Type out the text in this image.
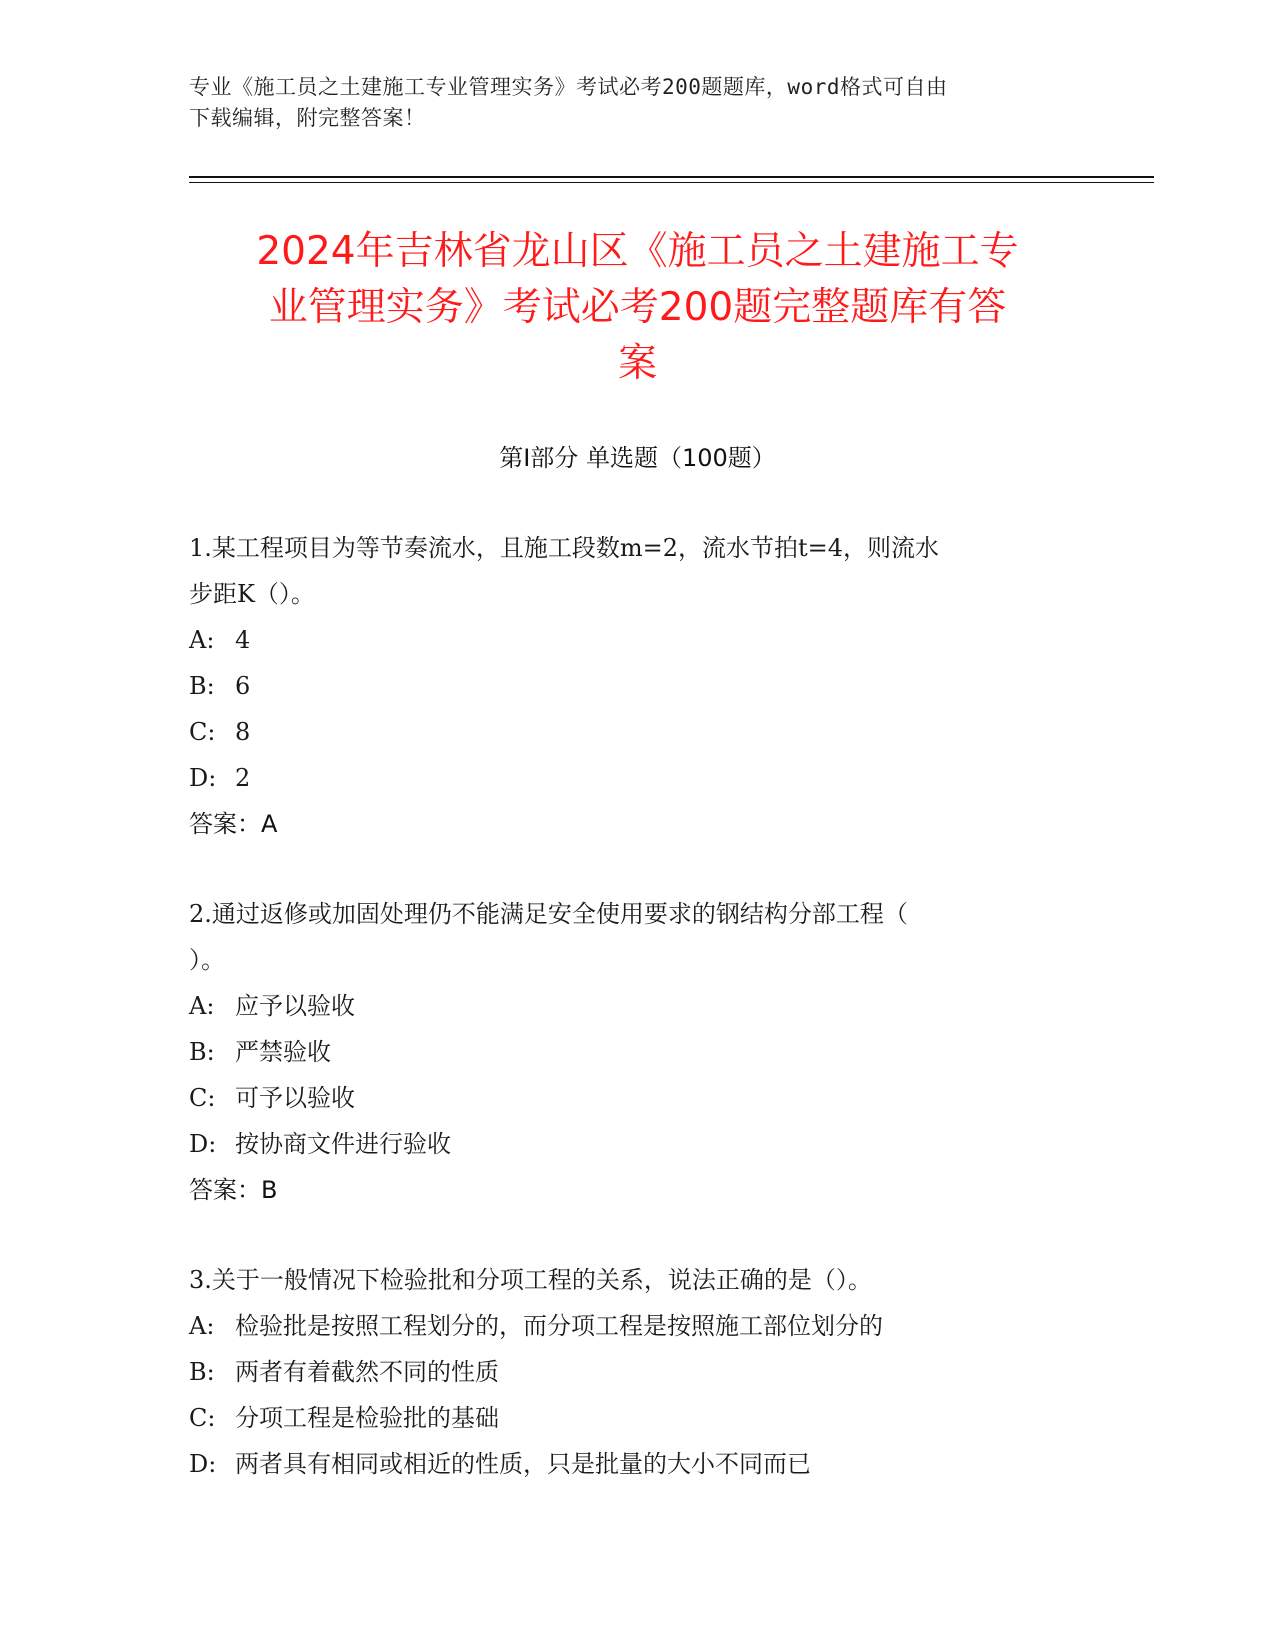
专业《施工员之土建施工专业管理实务》考试必考200题题库，word格式可自由
下载编辑，附完整答案！
2024年吉林省龙山区《施工员之土建施工专
业管理实务》考试必考200题完整题库有答
案
第Ⅰ部分 单选题（100题）

1.某工程项目为等节奏流水，且施工段数m=2，流水节拍t=4，则流水

步距K（）。

A: 4

B: 6

C: 8

D: 2

答案：A

2.通过返修或加固处理仍不能满足安全使用要求的钢结构分部工程（

）。

A: 应予以验收

B: 严禁验收

C: 可予以验收

D: 按协商文件进行验收

答案：B

3.关于一般情况下检验批和分项工程的关系，说法正确的是（）。

A: 检验批是按照工程划分的，而分项工程是按照施工部位划分的

B: 两者有着截然不同的性质

C: 分项工程是检验批的基础

D: 两者具有相同或相近的性质，只是批量的大小不同而已
